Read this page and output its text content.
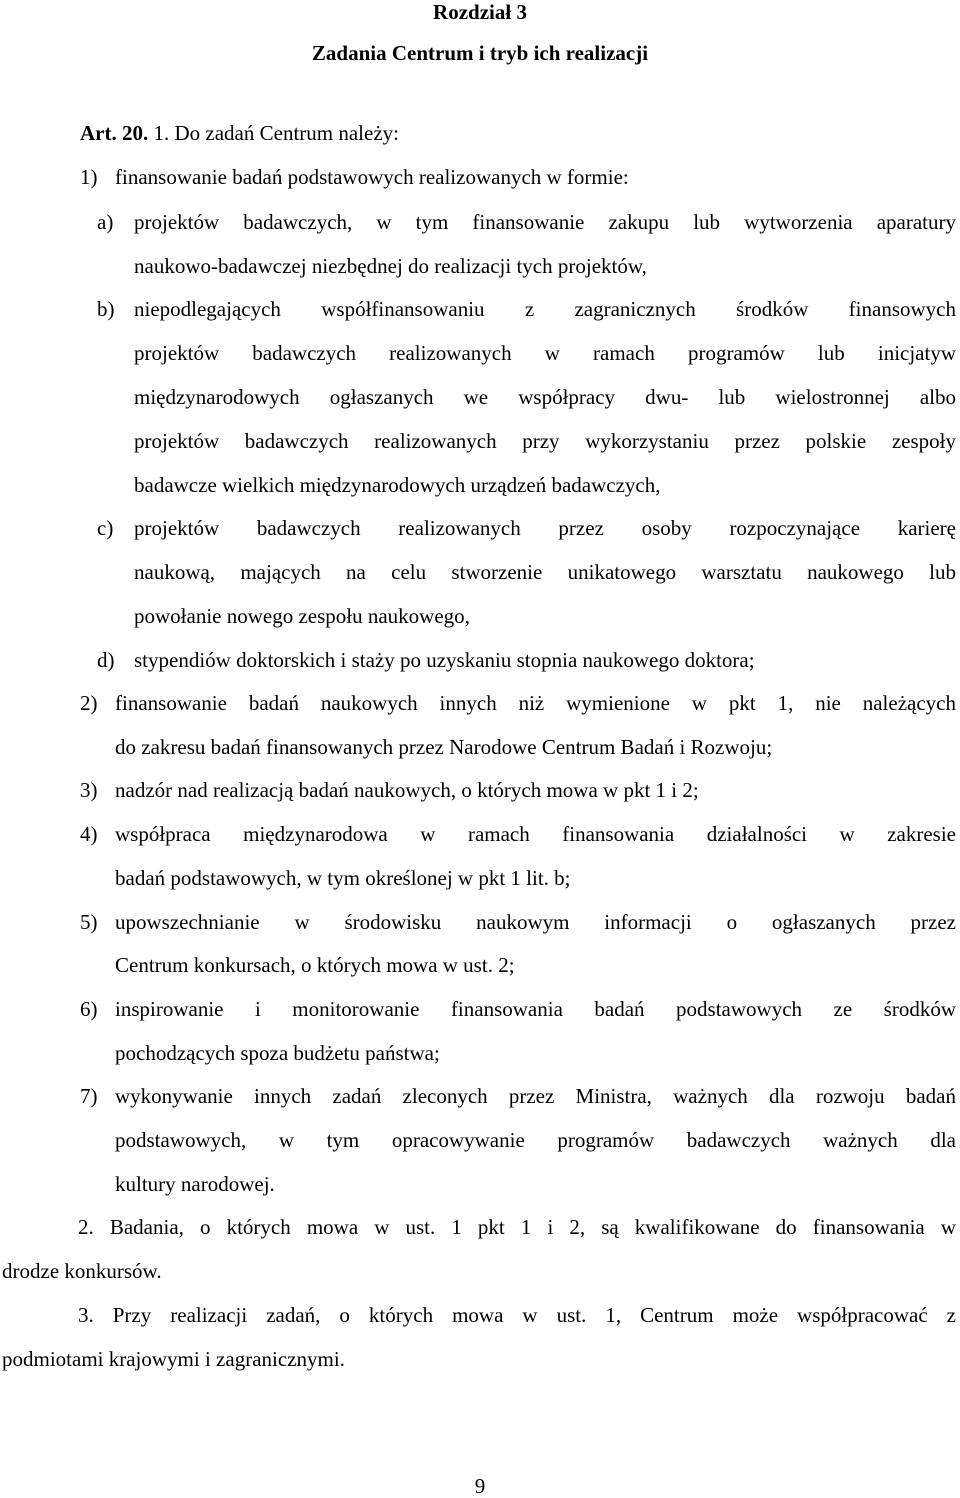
Rozdział 3
Zadania Centrum i tryb ich realizacji
Art. 20. 1. Do zadań Centrum należy:
1) finansowanie badań podstawowych realizowanych w formie:
a) projektów badawczych, w tym finansowanie zakupu lub wytworzenia aparatury
naukowo-badawczej niezbędnej do realizacji tych projektów,
b) niepodlegających współfinansowaniu z zagranicznych środków finansowych
projektów badawczych realizowanych w ramach programów lub inicjatyw
międzynarodowych ogłaszanych we współpracy dwu- lub wielostronnej albo
projektów badawczych realizowanych przy wykorzystaniu przez polskie zespoły
badawcze wielkich międzynarodowych urządzeń badawczych,
c) projektów badawczych realizowanych przez osoby rozpoczynające karierę
naukową, mających na celu stworzenie unikatowego warsztatu naukowego lub
powołanie nowego zespołu naukowego,
d) stypendiów doktorskich i staży po uzyskaniu stopnia naukowego doktora;
2) finansowanie badań naukowych innych niż wymienione w pkt 1, nie należących
do zakresu badań finansowanych przez Narodowe Centrum Badań i Rozwoju;
3) nadzór nad realizacją badań naukowych, o których mowa w pkt 1 i 2;
4) współpraca międzynarodowa w ramach finansowania działalności w zakresie
badań podstawowych, w tym określonej w pkt 1 lit. b;
5) upowszechnianie w środowisku naukowym informacji o ogłaszanych przez
Centrum konkursach, o których mowa w ust. 2;
6) inspirowanie i monitorowanie finansowania badań podstawowych ze środków
pochodzących spoza budżetu państwa;
7) wykonywanie innych zadań zleconych przez Ministra, ważnych dla rozwoju badań
podstawowych, w tym opracowywanie programów badawczych ważnych dla
kultury narodowej.
2. Badania, o których mowa w ust. 1 pkt 1 i 2, są kwalifikowane do finansowania w
drodze konkursów.
3. Przy realizacji zadań, o których mowa w ust. 1, Centrum może współpracować z
podmiotami krajowymi i zagranicznymi.
9
